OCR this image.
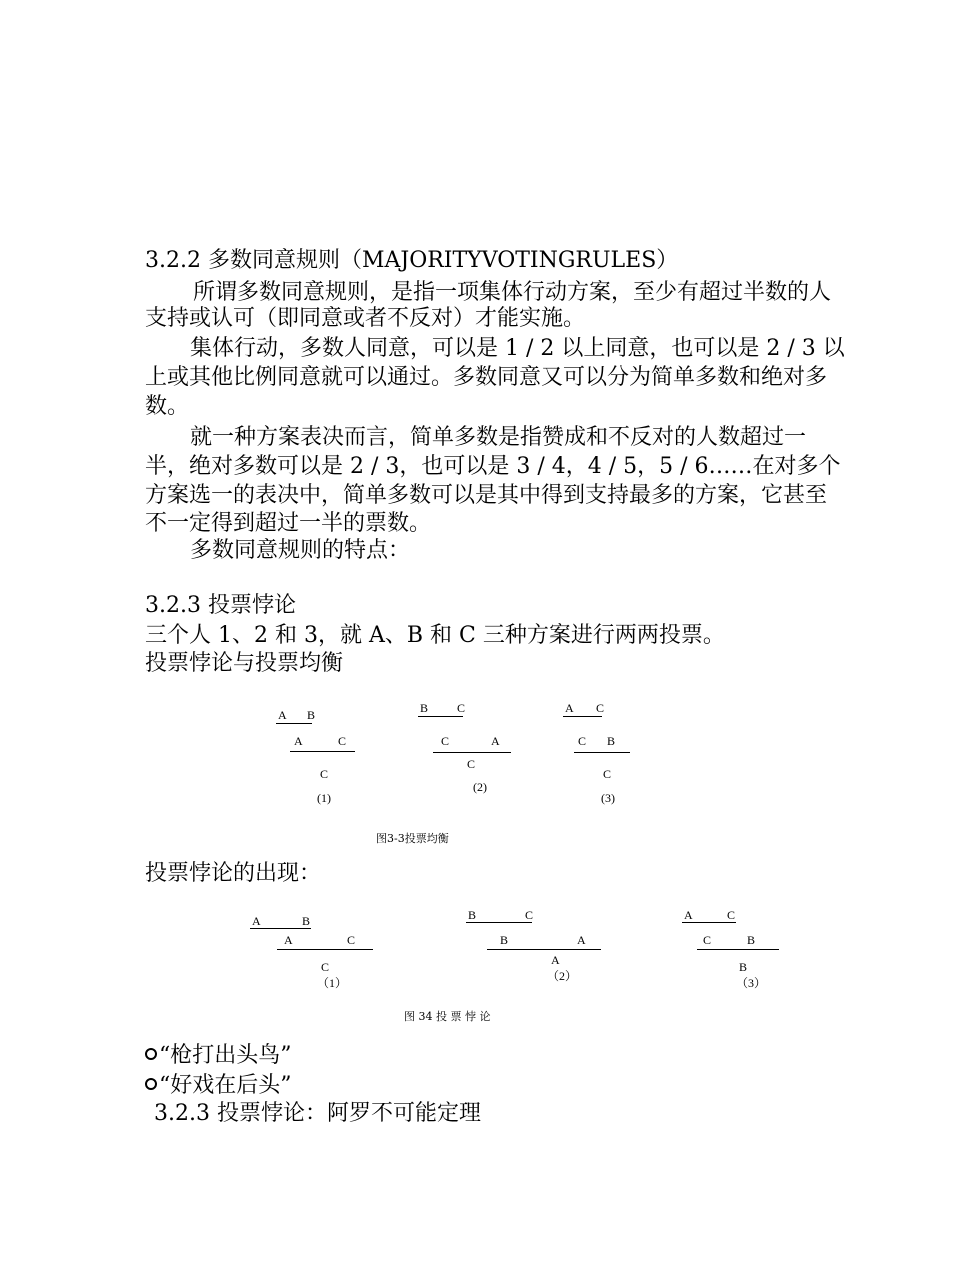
3.2.2 多数同意规则（MAJORITYVOTINGRULES）
所谓多数同意规则，是指一项集体行动方案，至少有超过半数的人
支持或认可（即同意或者不反对）才能实施。
集体行动，多数人同意，可以是 1 / 2 以上同意，也可以是 2 / 3 以
上或其他比例同意就可以通过。多数同意又可以分为简单多数和绝对多
数。
就一种方案表决而言，简单多数是指赞成和不反对的人数超过一
半，绝对多数可以是 2 / 3，也可以是 3 / 4，4 / 5，5 / 6……在对多个
方案选一的表决中，简单多数可以是其中得到支持最多的方案，它甚至
不一定得到超过一半的票数。
多数同意规则的特点：
3.2.3 投票悖论
三个人 1、2 和 3，就 A、B 和 C 三种方案进行两两投票。
投票悖论与投票均衡
A B
A	C
C
(1)
B C
C	A
C
(2)
A C
C B
C
(3)
图3-3投票均衡
投票悖论的出现：
A	B
A	C
C
（1）
B	C
B	A
A
（2）
A	C
C	B
B
（3）
图 34 投 票 悖 论
“枪打出头鸟”
“好戏在后头”
3.2.3 投票悖论：阿罗不可能定理
